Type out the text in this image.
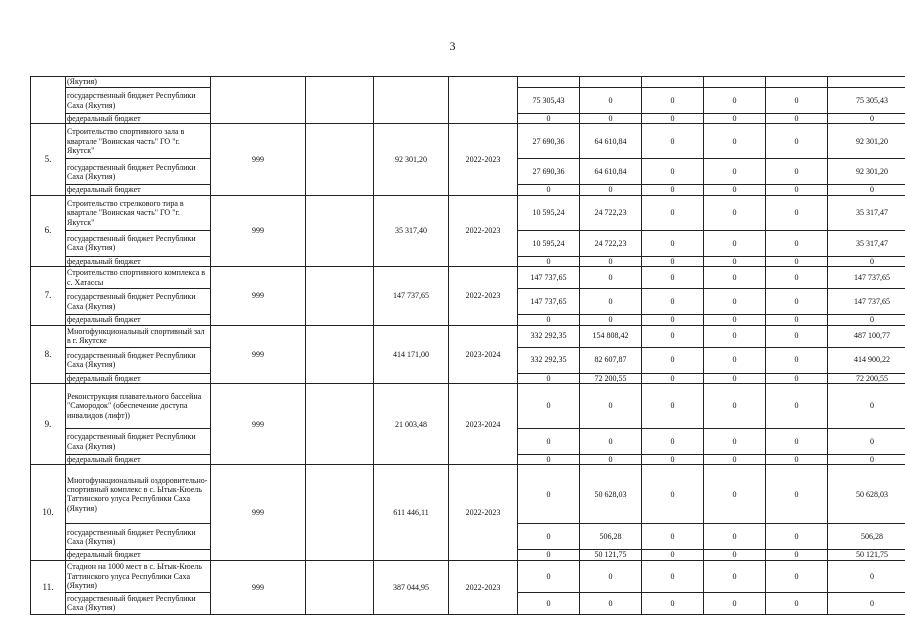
3
	(Якутия)										
	государственный бюджет Республики Саха (Якутия)					75 305,43	0	0	0	0	75 305,43
	федеральный бюджет					0	0	0	0	0	0
5.	Строительство спортивного зала в квартале "Воинская часть" ГО "г. Якутск"	999		92 301,20	2022-2023	27 690,36	64 610,84	0	0	0	92 301,20
	государственный бюджет Республики Саха (Якутия)					27 690,36	64 610,84	0	0	0	92 301,20
	федеральный бюджет					0	0	0	0	0	0
6.	Строительство стрелкового тира в квартале "Воинская часть" ГО "г. Якутск"	999		35 317,40	2022-2023	10 595,24	24 722,23	0	0	0	35 317,47
	государственный бюджет Республики Саха (Якутия)					10 595,24	24 722,23	0	0	0	35 317,47
	федеральный бюджет					0	0	0	0	0	0
7.	Строительство спортивного комплекса в с. Хатассы	999		147 737,65	2022-2023	147 737,65	0	0	0	0	147 737,65
	государственный бюджет Республики Саха (Якутия)					147 737,65	0	0	0	0	147 737,65
	федеральный бюджет					0	0	0	0	0	0
8.	Многофункциональный спортивный зал в г. Якутске	999		414 171,00	2023-2024	332 292,35	154 808,42	0	0	0	487 100,77
	государственный бюджет Республики Саха (Якутия)					332 292,35	82 607,87	0	0	0	414 900,22
	федеральный бюджет					0	72 200,55	0	0	0	72 200,55
9.	Реконструкция плавательного бассейна "Самородок" (обеспечение доступа инвалидов (лифт))	999		21 003,48	2023-2024	0	0	0	0	0	0
	государственный бюджет Республики Саха (Якутия)					0	0	0	0	0	0
	федеральный бюджет					0	0	0	0	0	0
10.	Многофункциональный оздоровительно-спортивный комплекс в с. Ытык-Кюель Таттинского улуса Республики Саха (Якутия)	999		611 446,11	2022-2023	0	50 628,03	0	0	0	50 628,03
	государственный бюджет Республики Саха (Якутия)					0	506,28	0	0	0	506,28
	федеральный бюджет					0	50 121,75	0	0	0	50 121,75
11.	Стадион на 1000 мест в с. Ытык-Кюель Таттинского улуса Республики Саха (Якутия)	999		387 044,95	2022-2023	0	0	0	0	0	0
	государственный бюджет Республики Саха (Якутия)					0	0	0	0	0	0
